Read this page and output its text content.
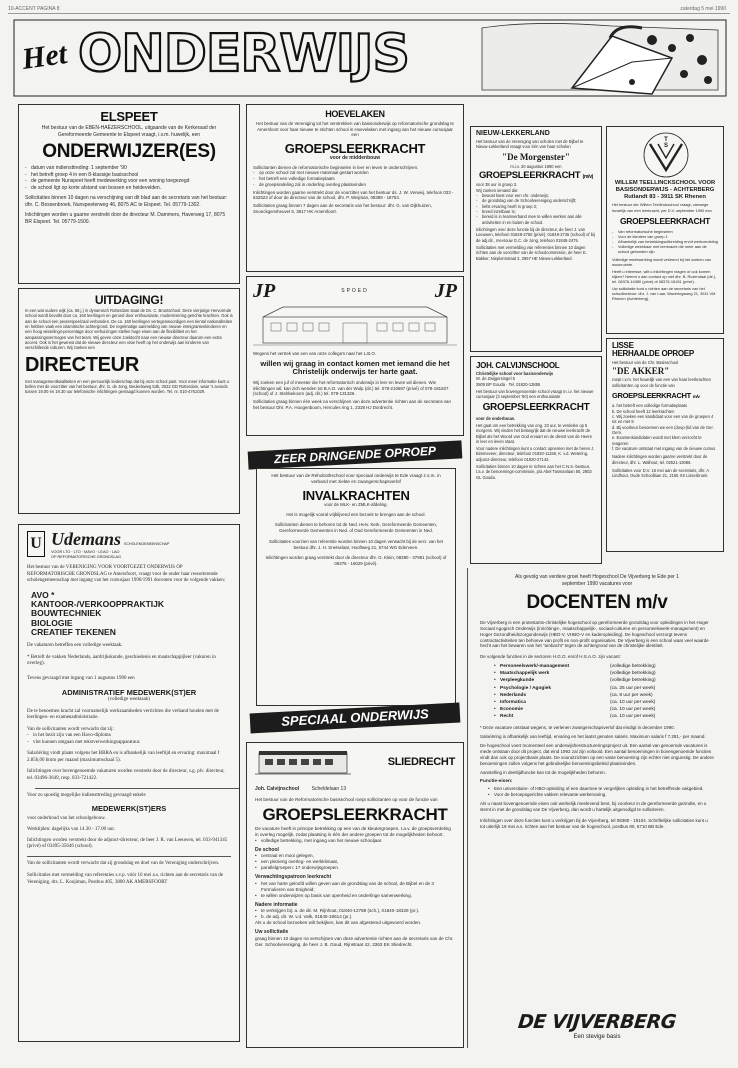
10-ACCENT PAGINA 8	zaterdag 5 mei 1990
Het ONDERWIJS
ELSPEET
Het bestuur van de EBEN-HAËZERSCHOOL, uitgaande van de Kerkeraad der Gereformeerde Gemeente te Elspeet vraagt, i.v.m. huwelijk, een
ONDERWIJZER(ES)
- datum van indiensttreding: 1 september '90
- het betreft groep 4 in een 8-klassige basisschool
- de gemeente Nunspeet heeft medewerking voor een woning toegezegd
- de school ligt op korte afstand van bossen en heidevelden.
Sollicitaties binnen 10 dagen na verschijning van dit blad aan de secretaris van het bestuur: dhr. C. Bossenbroek, Nunspeeterweg 46, 8075 AC te Elspeet. Tel. 05779-1302.
Inlichtingen worden u gaarne verstrekt door de directeur M. Dammers, Haverweg 17, 8075 BR Elspeet. Tel. 05779-1500.
UITDAGING!
In een wat oudere wijk (ca. 65 j.) in dynamisch Rotterdam staat de Ds. C. Bruntschool. Deze vierjarige Hervormde school wordt bevolkt door ca. 160 leerlingen en gerund door enthousiaste, modernisering gerichte krachten. Ook is aan de school een peuterspeelzaal verbonden. De ca. 160 leerlingen vertegenwoordigen een tiental nationaliteiten en hebben vaak een islamitische achtergrond. De regelmatige aanmelding van nieuwe immigrantenkinderen en een hoog wisselings-percentage door verhuizingen stellen hoge eisen aan de flexibiliteit en het aanpassingsvermogen van het team. Wij geven onze zoektocht naar een nieuwe directeur daarom een extra accent. Ook is het gewenst dat de nieuwe directeur een visie heeft op het onderwijs aan kinderen van verschillende culturen. Wij zoeken een
DIRECTEUR
met managementkwaliteiten en een persoonlijk leiderschap dat bij onze school past. Voor meer informatie kunt u bellen met de voorzitter van het bestuur, dhr. G. de Jong, Beukelsweg 53b, 3022 GD Rotterdam, waar 's avonds tussen 19.00 en 19.30 uur telefonische inlichtingen gevraagd kunnen worden. Tel. nr. 010-4761029.
HOEVELAKEN
Het bestuur van de Vereniging tot het verstrekken van basisonderwijs op reformatorische grondslag te Amersfoort voor haar nieuwe te stichten school in Hoevelaken met ingang van het nieuwe cursusjaar een
GROEPSLEERKRACHT
voor de middenbouw
Sollicitanten dienen de reformatorische beginselen in leer en leven te onderschrijven.
- op onze school zal met nieuwe materiaal gestart worden
- het betreft een volledige formatieplaats
- de groepsindeling zal in onderling overleg plaatsvinden
Inlichtingen worden gaarne verstrekt door de voorzitter van het bestuur ds. J. W. Verweij, telefoon 033 - 632523 of door de directeur van de school, dhr. P. Weijman, 08389 - 18754.
Sollicitaties graag binnen 7 dagen aan de secretaris van het bestuur: dhr. G. van Dijkhuizen, Snoeckgensheuvel 5, 3817 HK Amersfoort.
JP	SPOED	JP
Wegens het vertrek van een van onze collega's naar het L.B.O.
willen wij graag in contact komen met iemand die het Christelijk onderwijs ter harte gaat.
Wij zoeken een juf of meester die het reformatorisch onderwijs in leer en leven wil dienen. Wie inlichtingen wil, kan zich wenden tot B.A.D. van der Wulp (dir.) tel. 078-210687 (privé) of 078-181837 (school) of J. Stebbekoorn (adj. dir.) tel. 078-131326.
Sollicitaties graag binnen één week na verschijnen van deze advertentie richten aan de secretaris van het bestuur Dhr. P.A. Hoogenboom, Hercules ring 1, 3328 HJ Dordrecht.
ZEER DRINGENDE OPROEP
Het bestuur van de Rehobothschool voor speciaal onderwijs te Ede vraagt z.s.m. in verband met ziekte en zwangerschapsverlof
INVALKRACHTEN
voor de MLK- en ZMLK-afdeling.
Het is mogelijk vooral vrijblijvend een bezoek te brengen aan de school.
Sollicitanten dienen te behoren tot de Ned. Herv. Kerk, Gereformeerde Gemeenten, Gereformeerde Gemeenten in Ned. of Oud Gereformeerde Gemeenten in Ned.
Sollicitaties voorzien van referentie worden binnen 10 dagen verwacht bij de secr. van het bestuur dhr. J. H. Snetselaar, Hooftweg 21, 6744 WG Ederveen.
Inlichtingen worden graag verstrekt door de directeur dhr. G. Klein, 08380 - 37981 (school) of 08376 - 16029 (privé).
SPECIAAL ONDERWIJS
NIEUW-LEKKERLAND
Het bestuur van de Vereniging van scholen met de Bijbel te Nieuw-Lekkerland vraagt voor één van haar scholen
"De Morgenster"
m.i.v. 20 augustus 1990 een
GROEPSLEERKRACHT (m/v)
voor 38 uur in groep 3.
Wij zoeken iemand die:
- bewust kiest voor een chr. onderwijs;
- de grondslag van de Schoolvereniging onderschrijft;
- liefst ervaring heeft in groep 3;
- breed inzetbaar is;
- bereid is in teamverband mee te willen werken aan alle activiteiten in en buiten de school.
Inlichtingen over deze functie bij de directeur, de heer J. van Leeuwen, telefoon 01848-2750 (privé), 01848-2745 (school) of bij de adj.dir., mevrouw G.C. de Jong, telefoon 01848-2475.
Sollicitaties met vermelding van referenties binnen 10 dagen richten aan de voorzitter van de schoolcommissie, de heer E. Bakker, Nieplomstraat 3, 2957 HE Nieuw-Lekkerland.
JOH. CALVIJNSCHOOL
Christelijke school voor basisonderwijs
W. de Zwijgersingel 5
2805 BP Gouda · Tel. 01820-13855
Het bestuur van bovengenoemde school vraagt m.i.v. het nieuwe cursusjaar (3 september '90) een enthousiaste
GROEPSLEERKRACHT
voor de onderbouw.
Het gaat om een betrekking van ong. 23 uur, te verdelen op 5 morgens. Wij vinden het belangrijk dat de nieuwe leerkracht de Bijbel als het Woord van God ervaart en de dienst van de Heere in leer en leven staat.
Voor nadere inlichtingen kunt u contact opnemen met de heren J. Bimmeveer, directeur, telefoon 01820-11158, K. v.d. Wetering, adjunct-directeur, telefoon 01820-27142.
Sollicitaties binnen 10 dagen te richten aan het C.N.S.-bestuur, t.a.v. de benoemings-commissie, p/a Abel Tasmanlaan 50, 2803 GL Gouda.
T S
WILLEM TEELLINCKSCHOOL VOOR BASISONDERWIJS - ACHTERBERG
Rutlandt 83 - 3911 SK Rhenen
Het bestuur der Willem Teellinckschool vraagt, vanwege huwelijk van een leerkracht, per D.V. september 1990 een
GROEPSLEERKRACHT
- Van reformatorische beginselen
- Voor de kleuters van groep 1
- Afhankelijk van betrekkingsuitbreiding en/of werkverdeling
- Volledige weekbaar met leerkracht die meer aan de school gebonden zijn
Volledige medewerking wordt verleend bij het zoeken van woonruimte.
Heeft u interesse, wilt u inlichtingen vragen of ook komen kijken? Neemt u dan contact op met dhr. B. Rozendaal (dir.), tel. 08376-14380 (privé) of 08376-16181 (privé).
Uw sollicitatie kunt u richten aan de secretaris van het schoolbestuur: dhr. J. van Laar, Waveringsweg 21, 3911 VM Rhenen (Achterberg).
LISSE
HERHAALDE OPROEP
Het bestuur van de Chr. Basisschool
"DE AKKER"
roept i.v.m. het huwelijk van een van haar leerkrachten sollicitanten op voor de functie van
GROEPSLEERKRACHT m/v
a. het betreft een volledige formatieplaats
b. De school heeft 12 leerkrachten
c. Wij zoeken een kandidaat voor een van de groepen 4 tot en met 8
d. Bij voorkeur benoemen we een (doop-)lid van de Ger. Gem.
e. Examenkandidaten wordt met klem verzocht te reageren
f. De vacature ontstaat met ingang van de nieuwe cursus
Nadere inlichtingen worden gaarne verstrekt door de directeur, dhr. L. Walhout, tel. 02521-13086.
Sollicitaties voor D.V. 16 mei aan de secretaris, dhr. A. Lindhout, Oude Schoollaan 21, 2165 XS Lisserbroek.
U Udemans SCHOLENGEMEENSCHAP
VOOR LTO · LTO · MAVO · LEAO · LAO
OP REFORMATORISCHE GRONDSLAG
Het bestuur van de VERENIGING VOOR VOORTGEZET ONDERWIJS OP REFORMATORISCHE GRONDSLAG te Amersfoort, vraagt voor de onder haar ressorterende scholengemeenschap met ingang van het cursusjaar 1990/1991 docenten voor de volgende vakken:
AVO *
KANTOOR-/VERKOOPPRAKTIJK
BOUWTECHNIEK
BIOLOGIE
CREATIEF TEKENEN
De vakaturen betreffen een volledige weektaak.
* Betreft de vakken Nederlands, aardrijkskunde, geschiedenis en maatschappijleer (vakuren in overleg).
Tevens gevraagd met ingang van 1 augustus 1990 een
ADMINISTRATIEF MEDEWERK(ST)ER
(volledige weektaak)
De te benoemen kracht zal voornamelijk werkzaamheden verrichten die verband houden met de leerlingen- en examenadministratie.
Van de sollicitanten wordt verwacht dat zij:
- in het bezit zijn van een Havo-diploma
- vlot kunnen omgaan met tekstverwerkingsapparatuur.
Salariëring vindt plaats volgens het BBRA en is afhankelijk van leeftijd en ervaring: maximaal f 2.856,00 bruto per maand (maximumschaal 5).
Inlichtingen over bovengenoemde vakaturen worden verstrekt door de directeur, s.g. plv. directeur, tel. 03496-3649, resp. 033-721422.
Voor zo spoedig mogelijke indiensttreding gevraagd enkele
MEDEWERK(ST)ERS
voor onderhoud van het schoolgebouw.
Werktijden: dagelijks van 14.30 - 17.00 uur.
Inlichtingen worden verstrekt door de adjunct-directeur, de heer J. R. van Leeuwen, tel. 033-941345 (privé) of 03495-35646 (school).
Van de sollicitanten wordt verwacht dat zij grondslag en doel van de Vereniging onderschrijven.
Sollicitaties met vermelding van referenties s.v.p. vóór 16 mei a.s. richten aan de secretaris van de Vereniging, drs. L. Koojiman, Postbus 405, 3800 AK AMERSFOORT
SLIEDRECHT
Joh. Calvijnschool Scheldelaan 13
Het bestuur van de Reformatorische basisschool roept sollicitanten op voor de functie van
GROEPSLEERKRACHT
De vacature heeft in principe betrekking op een van de kleutergroepen, t.a.v. de groepsverdeling in overleg mogelijk, zodat plaatsing in één der andere groepen tot de mogelijkheden behoort.
• volledige betrekking, met ingang van het nieuwe schooljaar.
De school
• centraal en mooi gelegen,
• een plezierig overleg- en werkklimaat,
• parallelgroepen: 17 onderwijsgroepen.
Verwachtingspatroon leerkracht
• het van harte geloofd willen geven aan de grondslag van de school, de Bijbel en de 3 Formulieren van Enigheid;
• te willen onderwijzen op basis van openheid en onderlinge samenwerking.
Nadere informatie
• te verkrijgen bij: a. de dir. M. Rijnhout, 01840-12788 (sch.), 01840-18329 (pr.).
• b. de adj. dir. W. v.d. Valk, 01840-18614 (pr.).
Als u de school bezoeken wilt bekijken, kan dit van afgestemd uitgevoerd worden.
Uw sollicitatie
graag binnen 10 dagen na verschijnen van deze advertentie richten aan de secretaris van de Chr. Ger. Schoolvereniging, de heer J. B. Goud, Rijnstraat 42, 3363 EK Sliedrecht.
Als gevolg van verdere groei heeft Hogeschool De Vijverberg te Ede per 1 september 1990 vacatures voor
DOCENTEN m/v
De Vijverberg is een protestants-christelijke hogeschool op gereformeerde grondslag voor opleidingen in het Hoger Sociaal Agogisch Onderwijs (inrichtings-, maatschappelijk-, sociaal-culturee en personeelswerk-management) en Hoger Gezondheidszorgonderwijs (HBO-V, VHBO-V en kaderopleiding). De hogeschool verzorgt tevens contractactiviteiten ten behoeve van profit en non-profit organisaties. De Vijverberg is een school waar veel waarde hecht aan het bewaren van het "ambacht" tegen de achtergrond van de christelijke identiteit.
De volgende functies in de sectoren H.G.O. en/of H.S.A.O. zijn vacant:
• Personeelswerk/-management	(volledige betrekking)
• Maatschappelijk werk	(volledige betrekking)
• Verpleegkunde	(volledige betrekking)
• Psychologie / Agogiek	(ca. 25 uur per week)
• Nederlands	(ca. 8 uur per week)
• Informatica	(ca. 10 uur per week)
• Economie	(ca. 10 uur per week)
• Recht	(ca. 10 uur per week)
* Deze vacature ontstaat wegens, te verlenen zwangerschapsverlof dat eindigt in december 1990.
Salariëring is afhankelijk van leeftijd, ervaring en het laatst genoten salaris. Maximum salaris f 7.281,- per maand.
De hogeschool voert momenteel een onderwijsherstructureringsproject uit. Een aantal van genoemde vacatures is mede ontstaan door dit project, dat eind 1992 zal zijn voltooid. Een aantal benoemingen in bovengenoemde functies vindt dan ook op projectbasis plaats. De vooruitzichten op een vaste benoeming zijn echter niet ongunstig. De andere benoemingen zullen volgens het gebruikelijke benoemingsbeleid plaatsvinden.
Aanstelling in deeltijdfunctie kan tot de mogelijkheden behoren.
Functie-eisen:
• Een universitaire- of HBO-opleiding of een daarmee te vergelijken opleiding in het betreffende vakgebied.
• Voor de beroepsgerichte vakken relevante werkervaring.
Als u naast bovengenoemde eisen ook werkelijk meelevend bent, bij voorkeur in de gereformeerde gezindte, en u stemt in met de grondslag van De Vijverberg, dan wordt u hartelijk uitgenodigd te solliciteren.
Inlichtingen over deze functies kunt u verkrijgen bij de Vijverberg, tel 08380 - 19104. Schriftelijke sollicitaties kunt u tot uiterlijk 19 mei a.s. richten aan het bestuur van de hogeschool, postbus 80, 6710 BB Ede.
DE VIJVERBERG
Een stevige basis
